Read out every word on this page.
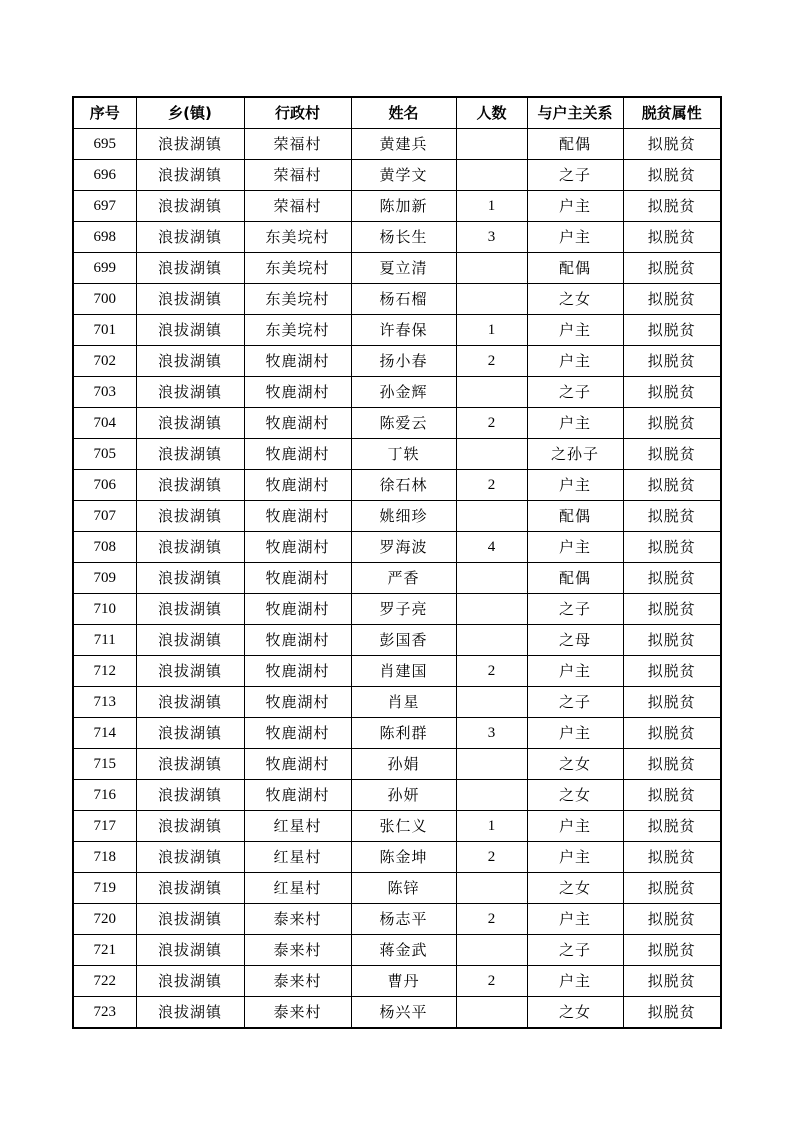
序号	乡(镇)	行政村	姓名	人数	与户主关系	脱贫属性
695	浪拔湖镇	荣福村	黄建兵		配偶	拟脱贫
696	浪拔湖镇	荣福村	黄学文		之子	拟脱贫
697	浪拔湖镇	荣福村	陈加新	1	户主	拟脱贫
698	浪拔湖镇	东美垸村	杨长生	3	户主	拟脱贫
699	浪拔湖镇	东美垸村	夏立清		配偶	拟脱贫
700	浪拔湖镇	东美垸村	杨石榴		之女	拟脱贫
701	浪拔湖镇	东美垸村	许春保	1	户主	拟脱贫
702	浪拔湖镇	牧鹿湖村	扬小春	2	户主	拟脱贫
703	浪拔湖镇	牧鹿湖村	孙金辉		之子	拟脱贫
704	浪拔湖镇	牧鹿湖村	陈爱云	2	户主	拟脱贫
705	浪拔湖镇	牧鹿湖村	丁轶		之孙子	拟脱贫
706	浪拔湖镇	牧鹿湖村	徐石林	2	户主	拟脱贫
707	浪拔湖镇	牧鹿湖村	姚细珍		配偶	拟脱贫
708	浪拔湖镇	牧鹿湖村	罗海波	4	户主	拟脱贫
709	浪拔湖镇	牧鹿湖村	严香		配偶	拟脱贫
710	浪拔湖镇	牧鹿湖村	罗子亮		之子	拟脱贫
711	浪拔湖镇	牧鹿湖村	彭国香		之母	拟脱贫
712	浪拔湖镇	牧鹿湖村	肖建国	2	户主	拟脱贫
713	浪拔湖镇	牧鹿湖村	肖星		之子	拟脱贫
714	浪拔湖镇	牧鹿湖村	陈利群	3	户主	拟脱贫
715	浪拔湖镇	牧鹿湖村	孙娟		之女	拟脱贫
716	浪拔湖镇	牧鹿湖村	孙妍		之女	拟脱贫
717	浪拔湖镇	红星村	张仁义	1	户主	拟脱贫
718	浪拔湖镇	红星村	陈金坤	2	户主	拟脱贫
719	浪拔湖镇	红星村	陈锌		之女	拟脱贫
720	浪拔湖镇	泰来村	杨志平	2	户主	拟脱贫
721	浪拔湖镇	泰来村	蒋金武		之子	拟脱贫
722	浪拔湖镇	泰来村	曹丹	2	户主	拟脱贫
723	浪拔湖镇	泰来村	杨兴平		之女	拟脱贫
